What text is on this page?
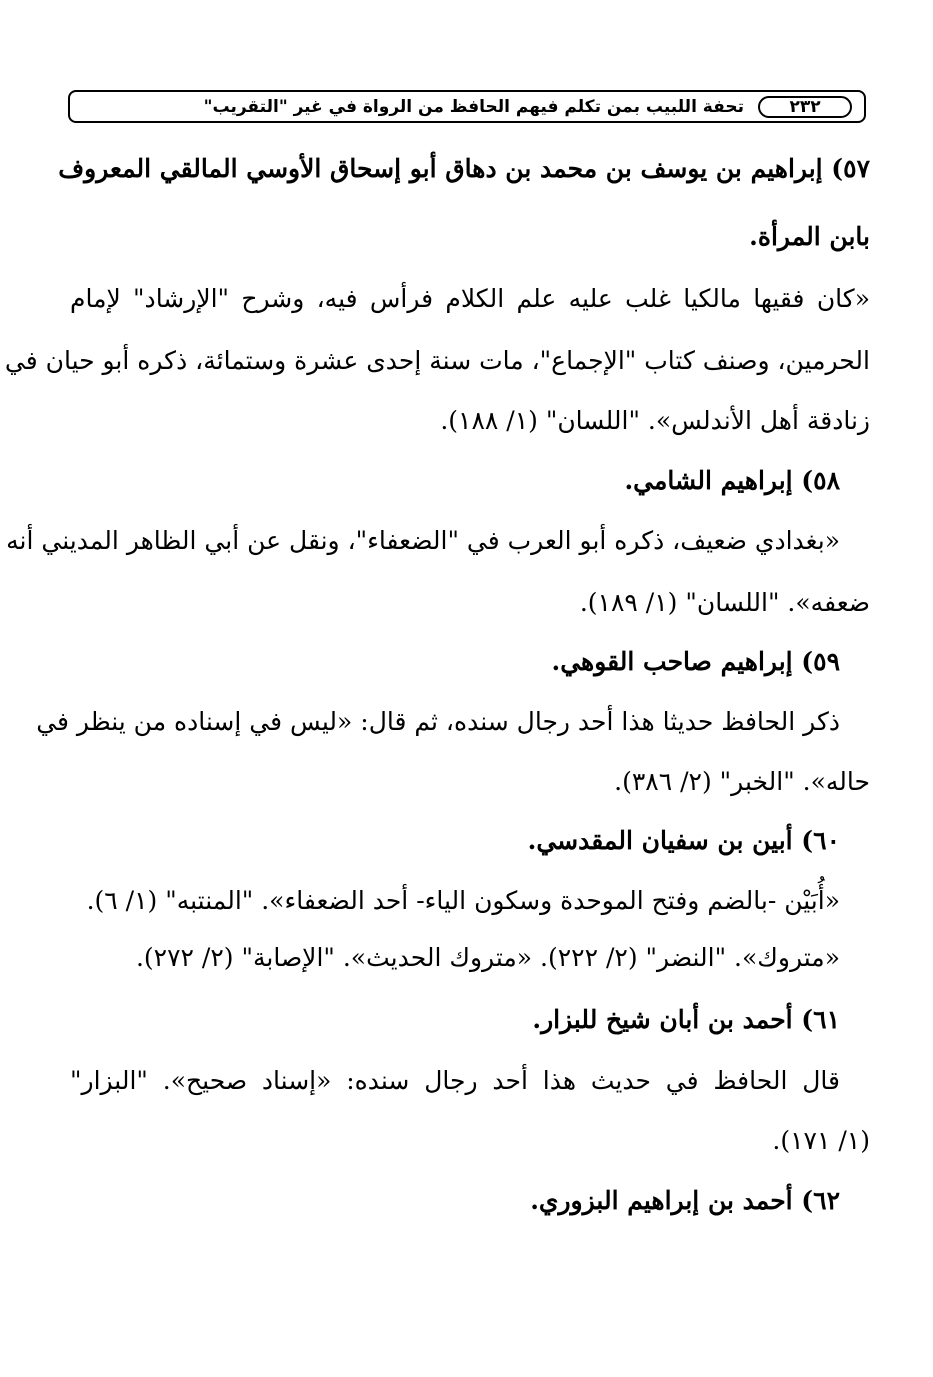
٢٣٢
تحفة اللبيب بمن تكلم فيهم الحافظ من الرواة في غير "التقريب"
٥٧) إبراهيم بن يوسف بن محمد بن دهاق أبو إسحاق الأوسي المالقي المعروف
بابن المرأة.
«كان فقيها مالكيا غلب عليه علم الكلام فرأس فيه، وشرح "الإرشاد" لإمام
الحرمين، وصنف كتاب "الإجماع"، مات سنة إحدى عشرة وستمائة، ذكره أبو حيان في
زنادقة أهل الأندلس». "اللسان" (١/ ١٨٨).
٥٨) إبراهيم الشامي.
«بغدادي ضعيف، ذكره أبو العرب في "الضعفاء"، ونقل عن أبي الظاهر المديني أنه
ضعفه». "اللسان" (١/ ١٨٩).
٥٩) إبراهيم صاحب القوهي.
ذكر الحافظ حديثا هذا أحد رجال سنده، ثم قال: «ليس في إسناده من ينظر في
حاله». "الخبر" (٢/ ٣٨٦).
٦٠) أبين بن سفيان المقدسي.
«أُبَيْن -بالضم وفتح الموحدة وسكون الياء- أحد الضعفاء». "المنتبه" (١/ ٦).
«متروك». "النضر" (٢/ ٢٢٢). «متروك الحديث». "الإصابة" (٢/ ٢٧٢).
٦١) أحمد بن أبان شيخ للبزار.
قال الحافظ في حديث هذا أحد رجال سنده: «إسناد صحيح». "البزار"
(١/ ١٧١).
٦٢) أحمد بن إبراهيم البزوري.
